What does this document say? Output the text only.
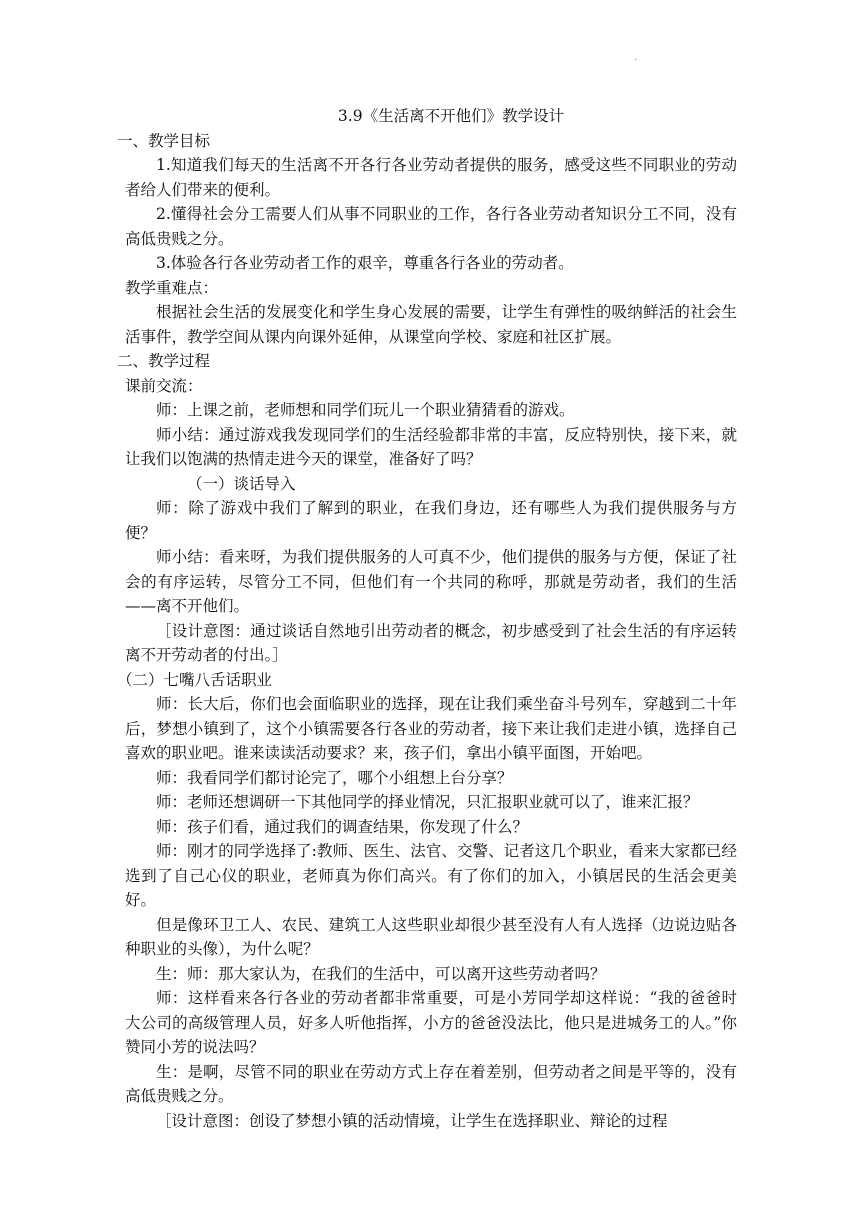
.

3.9《生活离不开他们》教学设计

一、教学目标

1.知道我们每天的生活离不开各行各业劳动者提供的服务，感受这些不同职业的劳动者给人们带来的便利。

2.懂得社会分工需要人们从事不同职业的工作，各行各业劳动者知识分工不同，没有高低贵贱之分。

3.体验各行各业劳动者工作的艰辛，尊重各行各业的劳动者。

教学重难点：

根据社会生活的发展变化和学生身心发展的需要，让学生有弹性的吸纳鲜活的社会生活事件，教学空间从课内向课外延伸，从课堂向学校、家庭和社区扩展。

二、教学过程

课前交流：

师：上课之前，老师想和同学们玩儿一个职业猜猜看的游戏。

师小结：通过游戏我发现同学们的生活经验都非常的丰富，反应特别快，接下来，就让我们以饱满的热情走进今天的课堂，准备好了吗？

（一）谈话导入

师：除了游戏中我们了解到的职业，在我们身边，还有哪些人为我们提供服务与方便？

师小结：看来呀，为我们提供服务的人可真不少，他们提供的服务与方便，保证了社会的有序运转，尽管分工不同，但他们有一个共同的称呼，那就是劳动者，我们的生活——离不开他们。

［设计意图：通过谈话自然地引出劳动者的概念，初步感受到了社会生活的有序运转离不开劳动者的付出。］

（二）七嘴八舌话职业

师：长大后，你们也会面临职业的选择，现在让我们乘坐奋斗号列车，穿越到二十年后，梦想小镇到了，这个小镇需要各行各业的劳动者，接下来让我们走进小镇，选择自己喜欢的职业吧。谁来读读活动要求？来，孩子们，拿出小镇平面图，开始吧。

师：我看同学们都讨论完了，哪个小组想上台分享？

师：老师还想调研一下其他同学的择业情况，只汇报职业就可以了，谁来汇报？

师：孩子们看，通过我们的调查结果，你发现了什么？

师：刚才的同学选择了:教师、医生、法官、交警、记者这几个职业，看来大家都已经选到了自己心仪的职业，老师真为你们高兴。有了你们的加入，小镇居民的生活会更美好。

但是像环卫工人、农民、建筑工人这些职业却很少甚至没有人有人选择（边说边贴各种职业的头像），为什么呢？

生：师：那大家认为，在我们的生活中，可以离开这些劳动者吗？

师：这样看来各行各业的劳动者都非常重要，可是小芳同学却这样说：“我的爸爸时大公司的高级管理人员，好多人听他指挥，小方的爸爸没法比，他只是进城务工的人。”你赞同小芳的说法吗？

生：是啊，尽管不同的职业在劳动方式上存在着差别，但劳动者之间是平等的，没有高低贵贱之分。

［设计意图：创设了梦想小镇的活动情境，让学生在选择职业、辩论的过程
